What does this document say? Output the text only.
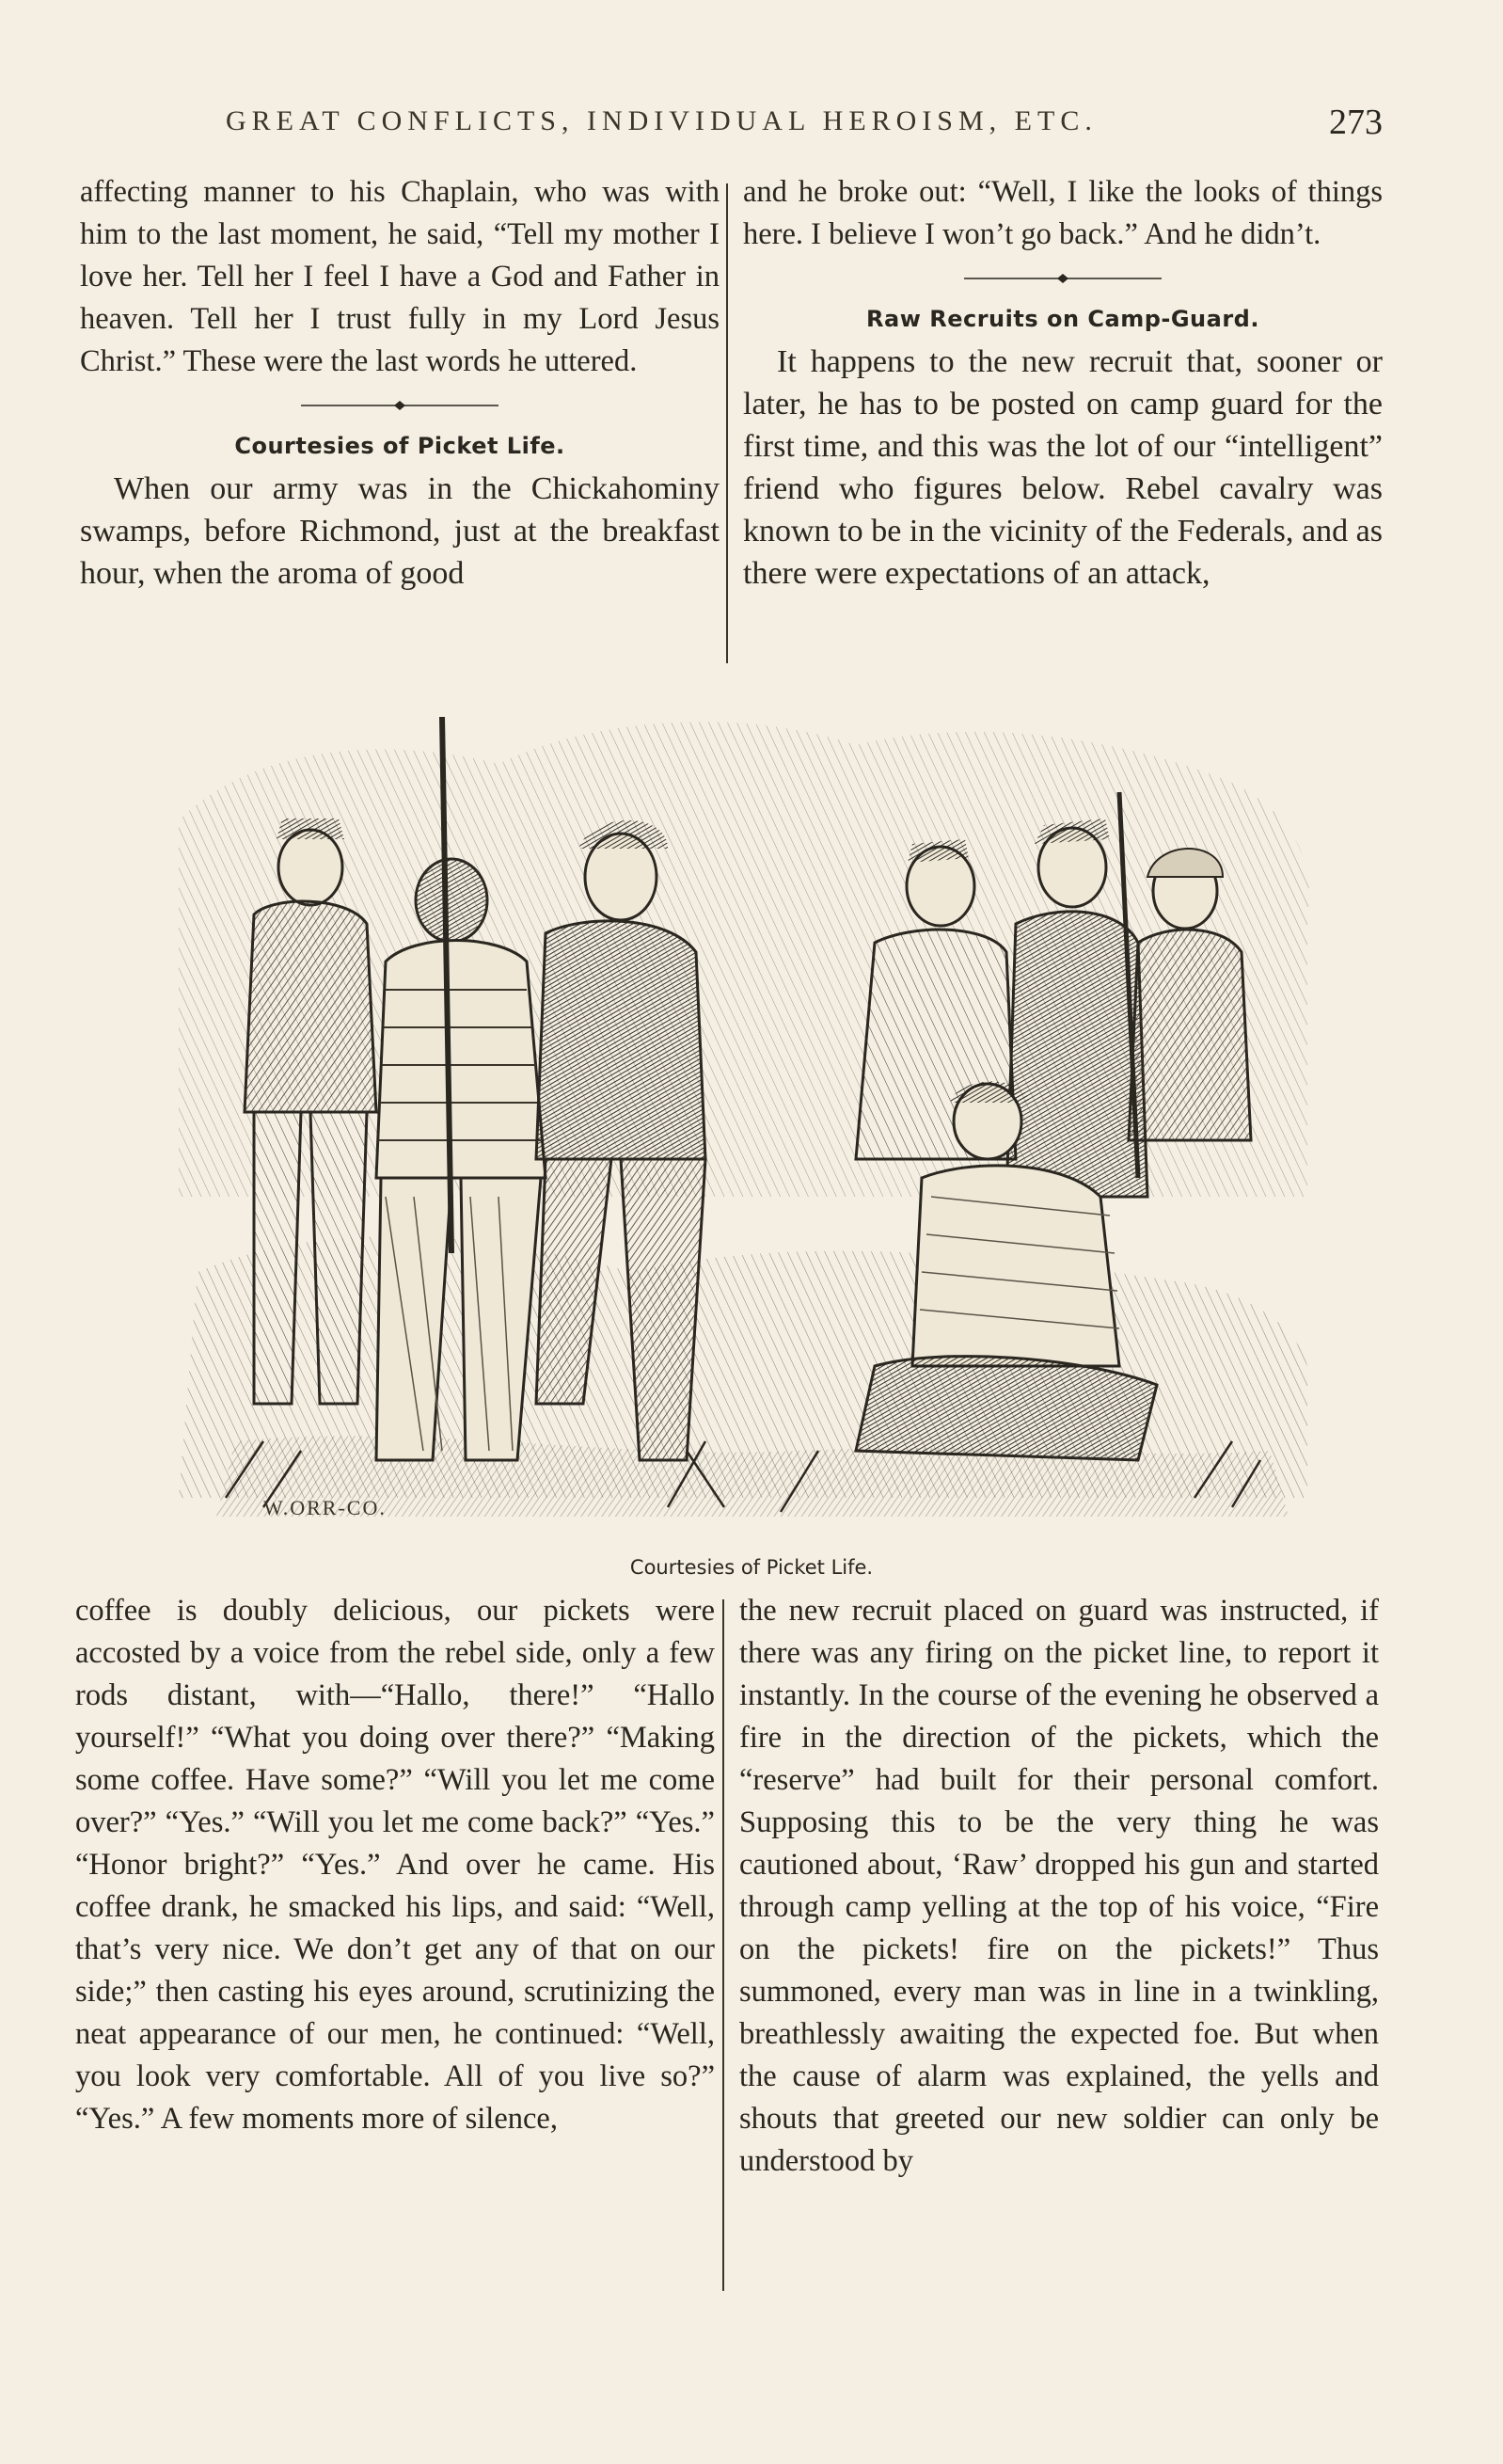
GREAT CONFLICTS, INDIVIDUAL HEROISM, ETC.	273

affecting manner to his Chaplain, who was with him to the last moment, he said, “Tell my mother I love her. Tell her I feel I have a God and Father in heaven. Tell her I trust fully in my Lord Jesus Christ.” These were the last words he uttered.

Courtesies of Picket Life.

When our army was in the Chickahominy swamps, before Richmond, just at the breakfast hour, when the aroma of good

and he broke out: “Well, I like the looks of things here. I believe I won’t go back.” And he didn’t.

Raw Recruits on Camp-Guard.

It happens to the new recruit that, sooner or later, he has to be posted on camp guard for the first time, and this was the lot of our “intelligent” friend who figures below. Rebel cavalry was known to be in the vicinity of the Federals, and as there were expectations of an attack,

W.ORR-CO.
Courtesies of Picket Life.

coffee is doubly delicious, our pickets were accosted by a voice from the rebel side, only a few rods distant, with—“Hallo, there!” “Hallo yourself!” “What you doing over there?” “Making some coffee. Have some?” “Will you let me come over?” “Yes.” “Will you let me come back?” “Yes.” “Honor bright?” “Yes.” And over he came. His coffee drank, he smacked his lips, and said: “Well, that’s very nice. We don’t get any of that on our side;” then casting his eyes around, scrutinizing the neat appearance of our men, he continued: “Well, you look very comfortable. All of you live so?” “Yes.” A few moments more of silence,

the new recruit placed on guard was instructed, if there was any firing on the picket line, to report it instantly. In the course of the evening he observed a fire in the direction of the pickets, which the “reserve” had built for their personal comfort. Supposing this to be the very thing he was cautioned about, ‘Raw’ dropped his gun and started through camp yelling at the top of his voice, “Fire on the pickets! fire on the pickets!” Thus summoned, every man was in line in a twinkling, breathlessly awaiting the expected foe. But when the cause of alarm was explained, the yells and shouts that greeted our new soldier can only be understood by
